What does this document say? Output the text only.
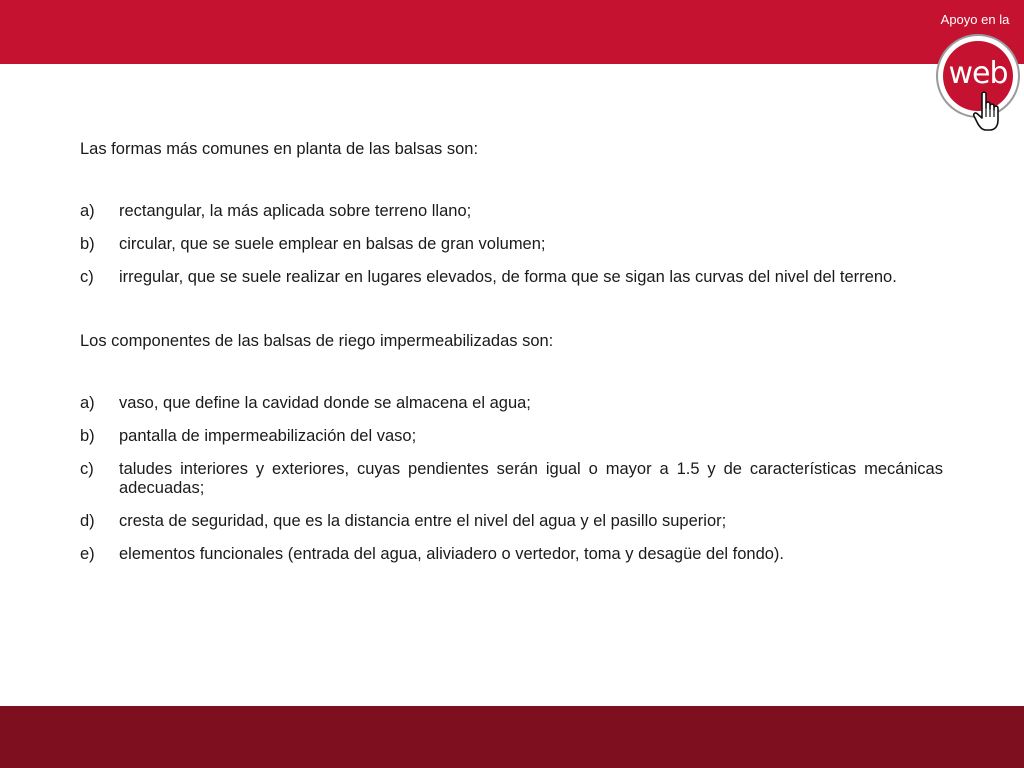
Apoyo en la
web

Las formas más comunes en planta de las balsas son:

a)	rectangular, la más aplicada sobre terreno llano;
b)	circular, que se suele emplear en balsas de gran volumen;
c)	irregular, que se suele realizar en lugares elevados, de forma que se sigan las curvas del nivel del terreno.

Los componentes de las balsas de riego impermeabilizadas son:

a)	vaso, que define la cavidad donde se almacena el agua;
b)	pantalla de impermeabilización del vaso;
c)	taludes interiores y exteriores, cuyas pendientes serán igual o mayor a 1.5 y de características mecánicas adecuadas;
d)	cresta de seguridad, que es la distancia entre el nivel del agua y el pasillo superior;
e)	elementos funcionales (entrada del agua, aliviadero o vertedor, toma y desagüe del fondo).
